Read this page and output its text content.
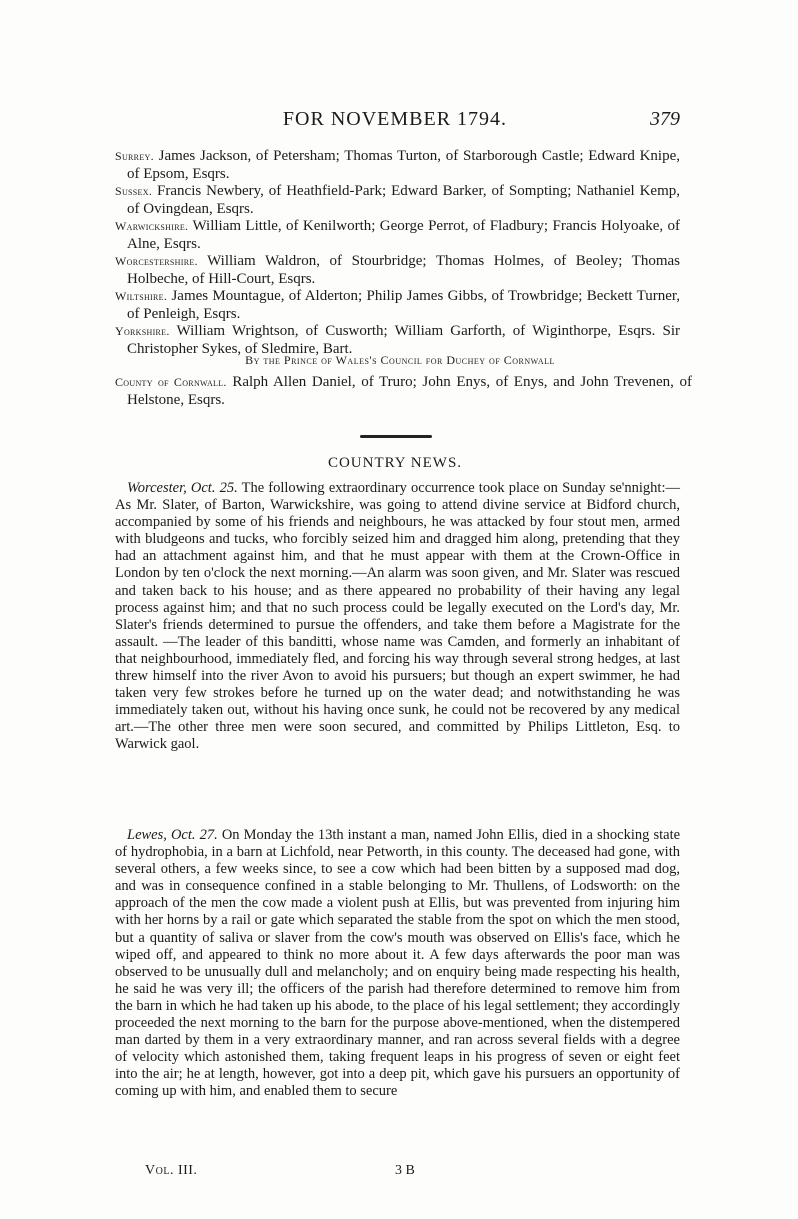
FOR NOVEMBER 1794.	379
Surrey. James Jackson, of Petersham; Thomas Turton, of Starborough Castle; Edward Knipe, of Epsom, Esqrs.
Sussex. Francis Newbery, of Heathfield-Park; Edward Barker, of Sompting; Nathaniel Kemp, of Ovingdean, Esqrs.
Warwickshire. William Little, of Kenilworth; George Perrot, of Fladbury; Francis Holyoake, of Alne, Esqrs.
Worcestershire. William Waldron, of Stourbridge; Thomas Holmes, of Beoley; Thomas Holbeche, of Hill-Court, Esqrs.
Wiltshire. James Mountague, of Alderton; Philip James Gibbs, of Trowbridge; Beckett Turner, of Penleigh, Esqrs.
Yorkshire. William Wrightson, of Cusworth; William Garforth, of Wiginthorpe, Esqrs. Sir Christopher Sykes, of Sledmire, Bart.
By the Prince of Wales's Council for Duchey of Cornwall
County of Cornwall. Ralph Allen Daniel, of Truro; John Enys, of Enys, and John Trevenen, of Helstone, Esqrs.
COUNTRY NEWS.
Worcester, Oct. 25. The following extraordinary occurrence took place on Sunday se'nnight:—As Mr. Slater, of Barton, Warwickshire, was going to attend divine service at Bidford church, accompanied by some of his friends and neighbours, he was attacked by four stout men, armed with bludgeons and tucks, who forcibly seized him and dragged him along, pretending that they had an attachment against him, and that he must appear with them at the Crown-Office in London by ten o'clock the next morning.—An alarm was soon given, and Mr. Slater was rescued and taken back to his house; and as there appeared no probability of their having any legal process against him; and that no such process could be legally executed on the Lord's day, Mr. Slater's friends determined to pursue the offenders, and take them before a Magistrate for the assault. —The leader of this banditti, whose name was Camden, and formerly an inhabitant of that neighbourhood, immediately fled, and forcing his way through several strong hedges, at last threw himself into the river Avon to avoid his pursuers; but though an expert swimmer, he had taken very few strokes before he turned up on the water dead; and notwithstanding he was immediately taken out, without his having once sunk, he could not be recovered by any medical art.—The other three men were soon secured, and committed by Philips Littleton, Esq. to Warwick gaol.
Lewes, Oct. 27. On Monday the 13th instant a man, named John Ellis, died in a shocking state of hydrophobia, in a barn at Lichfold, near Petworth, in this county. The deceased had gone, with several others, a few weeks since, to see a cow which had been bitten by a supposed mad dog, and was in consequence confined in a stable belonging to Mr. Thullens, of Lodsworth: on the approach of the men the cow made a violent push at Ellis, but was prevented from injuring him with her horns by a rail or gate which separated the stable from the spot on which the men stood, but a quantity of saliva or slaver from the cow's mouth was observed on Ellis's face, which he wiped off, and appeared to think no more about it. A few days afterwards the poor man was observed to be unusually dull and melancholy; and on enquiry being made respecting his health, he said he was very ill; the officers of the parish had therefore determined to remove him from the barn in which he had taken up his abode, to the place of his legal settlement; they accordingly proceeded the next morning to the barn for the purpose above-mentioned, when the distempered man darted by them in a very extraordinary manner, and ran across several fields with a degree of velocity which astonished them, taking frequent leaps in his progress of seven or eight feet into the air; he at length, however, got into a deep pit, which gave his pursuers an opportunity of coming up with him, and enabled them to secure
Vol. III.	3 B
